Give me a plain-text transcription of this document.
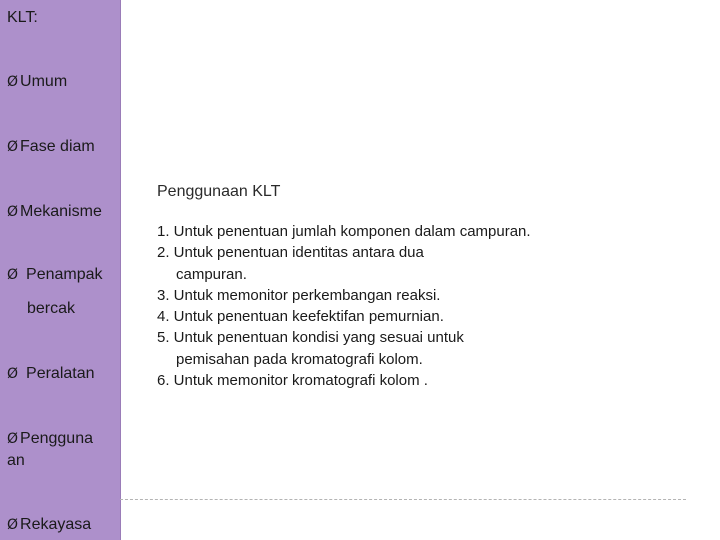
KLT:
Ø Umum
Ø Fase diam
Ø Mekanisme
Ø Penampak
bercak
Ø Peralatan
Ø Pengguna
an
Ø Rekayasa
Penggunaan KLT
1. Untuk penentuan jumlah komponen dalam campuran.
2. Untuk penentuan identitas antara dua
campuran.
3. Untuk memonitor perkembangan reaksi.
4. Untuk penentuan keefektifan pemurnian.
5. Untuk penentuan kondisi yang sesuai untuk
pemisahan pada kromatografi kolom.
6. Untuk memonitor kromatografi kolom .
